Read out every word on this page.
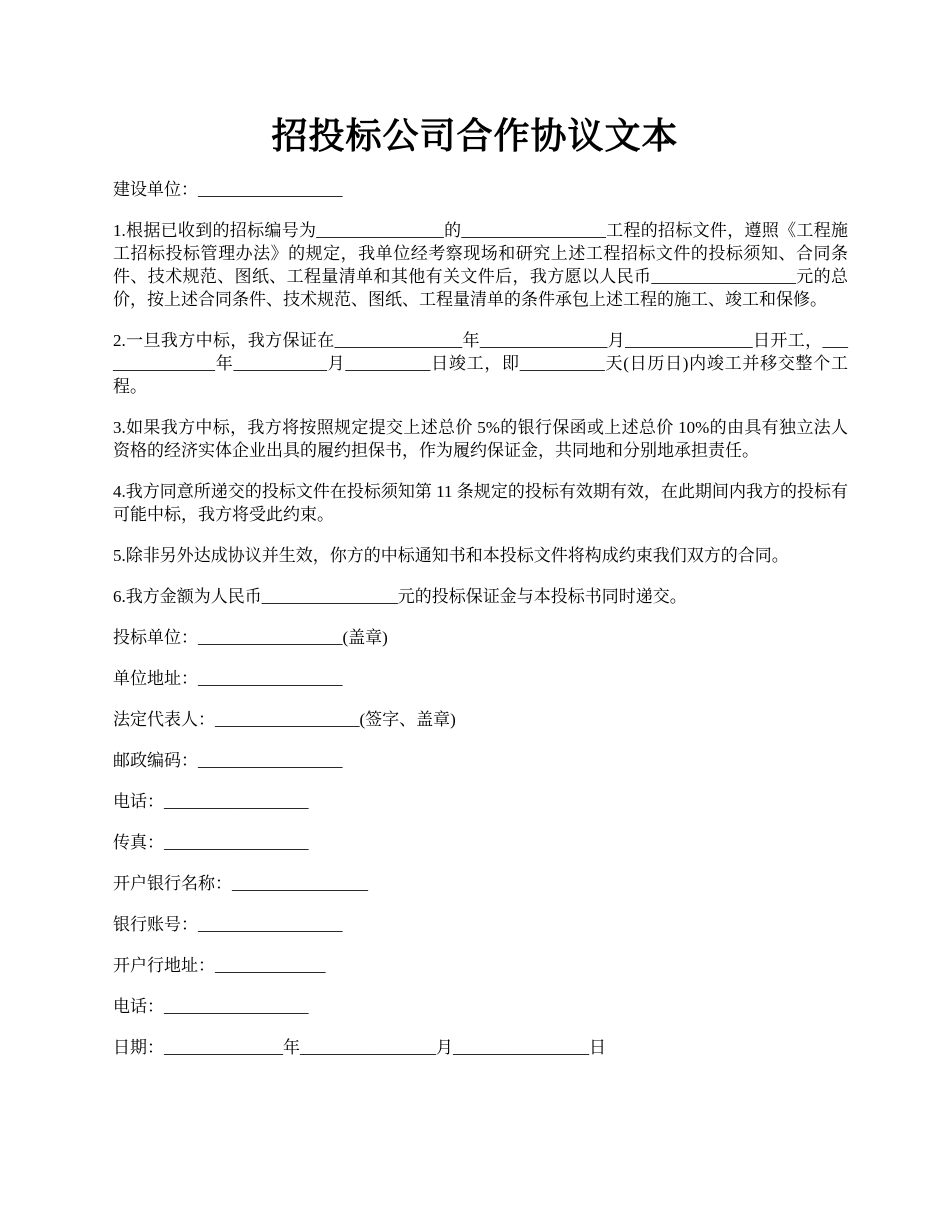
招投标公司合作协议文本

建设单位：_________________

1.根据已收到的招标编号为_______________的_________________工程的招标文件，遵照《工程施工招标投标管理办法》的规定，我单位经考察现场和研究上述工程招标文件的投标须知、合同条件、技术规范、图纸、工程量清单和其他有关文件后，我方愿以人民币_________________元的总价，按上述合同条件、技术规范、图纸、工程量清单的条件承包上述工程的施工、竣工和保修。

2.一旦我方中标，我方保证在_______________年_______________月_______________日开工，_______________年___________月__________日竣工，即__________天(日历日)内竣工并移交整个工程。

3.如果我方中标，我方将按照规定提交上述总价 5%的银行保函或上述总价 10%的由具有独立法人资格的经济实体企业出具的履约担保书，作为履约保证金，共同地和分别地承担责任。

4.我方同意所递交的投标文件在投标须知第 11 条规定的投标有效期有效，在此期间内我方的投标有可能中标，我方将受此约束。

5.除非另外达成协议并生效，你方的中标通知书和本投标文件将构成约束我们双方的合同。

6.我方金额为人民币________________元的投标保证金与本投标书同时递交。

投标单位：_________________(盖章)

单位地址：_________________

法定代表人：_________________(签字、盖章)

邮政编码：_________________

电话：_________________

传真：_________________

开户银行名称：________________

银行账号：_________________

开户行地址：_____________

电话：_________________

日期：______________年________________月________________日
